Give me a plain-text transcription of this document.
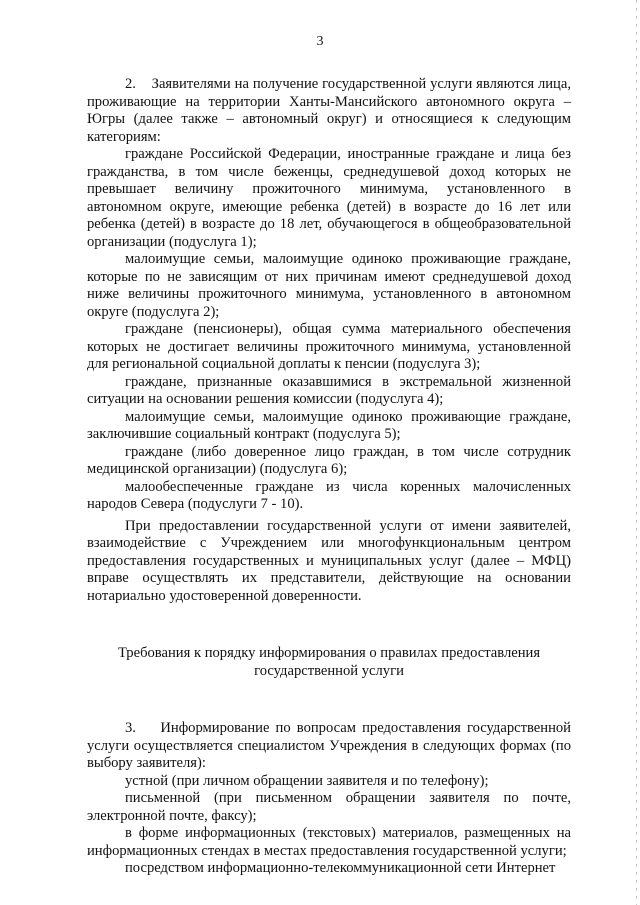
3

2.    Заявителями на получение государственной услуги являются лица, проживающие на территории Ханты-Мансийского автономного округа – Югры (далее также – автономный округ) и относящиеся к следующим категориям:

граждане Российской Федерации, иностранные граждане и лица без гражданства, в том числе беженцы, среднедушевой доход которых не превышает величину прожиточного минимума, установленного в автономном округе, имеющие ребенка (детей) в возрасте до 16 лет или ребенка (детей) в возрасте до 18 лет, обучающегося в общеобразовательной организации (подуслуга 1);

малоимущие семьи, малоимущие одиноко проживающие граждане, которые по не зависящим от них причинам имеют среднедушевой доход ниже величины прожиточного минимума, установленного в автономном округе (подуслуга 2);

граждане (пенсионеры), общая сумма материального обеспечения которых не достигает величины прожиточного минимума, установленной для региональной социальной доплаты к пенсии (подуслуга 3);

граждане, признанные оказавшимися в экстремальной жизненной ситуации на основании решения комиссии (подуслуга 4);

малоимущие семьи, малоимущие одиноко проживающие граждане, заключившие социальный контракт (подуслуга 5);

граждане (либо доверенное лицо граждан, в том числе сотрудник медицинской организации) (подуслуга 6);

малообеспеченные граждане из числа коренных малочисленных народов Севера (подуслуги 7 - 10).

При предоставлении государственной услуги от имени заявителей, взаимодействие с Учреждением или многофункциональным центром предоставления государственных и муниципальных услуг (далее – МФЦ) вправе осуществлять их представители, действующие на основании нотариально удостоверенной доверенности.

Требования к порядку информирования о правилах предоставления государственной услуги

3.    Информирование по вопросам предоставления государственной услуги осуществляется специалистом Учреждения в следующих формах (по выбору заявителя):

устной (при личном обращении заявителя и по телефону);

письменной (при письменном обращении заявителя по почте, электронной почте, факсу);

в форме информационных (текстовых) материалов, размещенных на информационных стендах в местах предоставления государственной услуги;

посредством информационно-телекоммуникационной сети Интернет
